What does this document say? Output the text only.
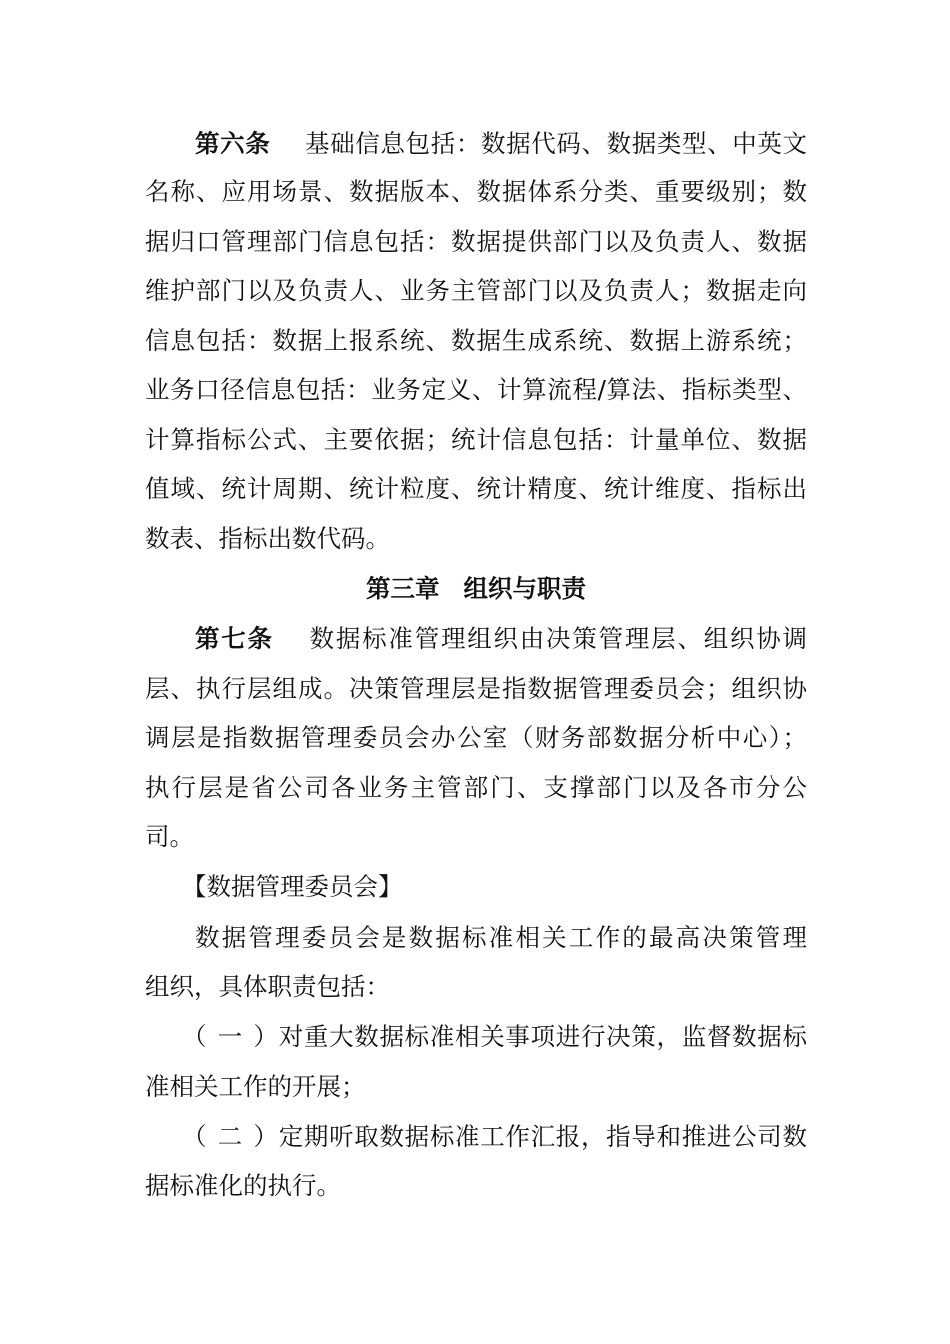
第六条 基础信息包括：数据代码、数据类型、中英文
名称、应用场景、数据版本、数据体系分类、重要级别；数
据归口管理部门信息包括：数据提供部门以及负责人、数据
维护部门以及负责人、业务主管部门以及负责人；数据走向
信息包括：数据上报系统、数据生成系统、数据上游系统；
业务口径信息包括：业务定义、计算流程/算法、指标类型、
计算指标公式、主要依据；统计信息包括：计量单位、数据
值域、统计周期、统计粒度、统计精度、统计维度、指标出
数表、指标出数代码。
第三章 组织与职责
第七条 数据标准管理组织由决策管理层、组织协调
层、执行层组成。决策管理层是指数据管理委员会；组织协
调层是指数据管理委员会办公室（财务部数据分析中心）；
执行层是省公司各业务主管部门、支撑部门以及各市分公
司。
【数据管理委员会】
数据管理委员会是数据标准相关工作的最高决策管理
组织，具体职责包括：
（一）对重大数据标准相关事项进行决策，监督数据标
准相关工作的开展；
（二）定期听取数据标准工作汇报，指导和推进公司数
据标准化的执行。
